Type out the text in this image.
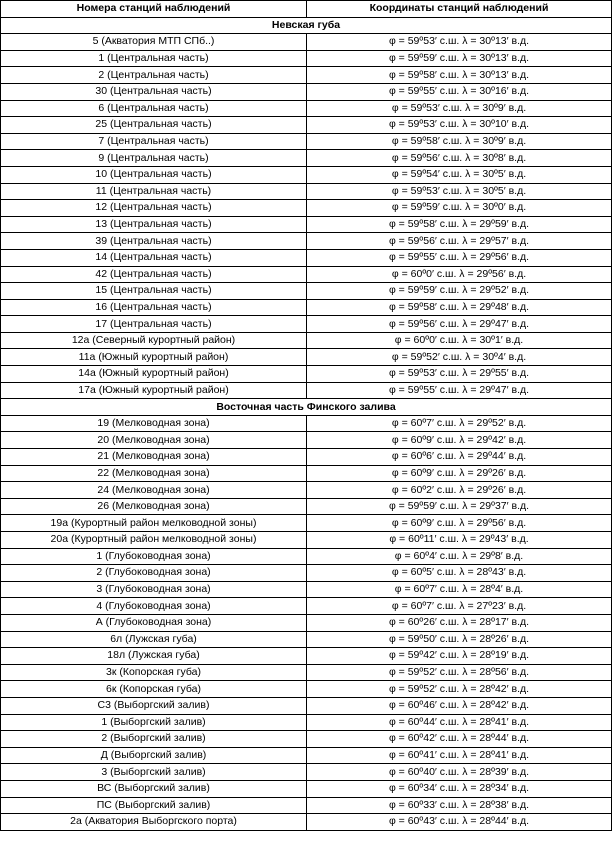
Номера станций наблюдений	Координаты станций наблюдений
Невская губа	
5 (Акватория МТП СПб..)	φ = 59º53′ с.ш. λ = 30º13′ в.д.
1 (Центральная часть)	φ = 59º59′ с.ш. λ = 30º13′ в.д.
2 (Центральная часть)	φ = 59º58′ с.ш. λ = 30º13′ в.д.
30 (Центральная часть)	φ = 59º55′ с.ш. λ = 30º16′ в.д.
6 (Центральная часть)	φ = 59º53′ с.ш. λ = 30º9′ в.д.
25 (Центральная часть)	φ = 59º53′ с.ш. λ = 30º10′ в.д.
7 (Центральная часть)	φ = 59º58′ с.ш. λ = 30º9′ в.д.
9 (Центральная часть)	φ = 59º56′ с.ш. λ = 30º8′ в.д.
10 (Центральная часть)	φ = 59º54′ с.ш. λ = 30º5′ в.д.
11 (Центральная часть)	φ = 59º53′ с.ш. λ = 30º5′ в.д.
12 (Центральная часть)	φ = 59º59′ с.ш. λ = 30º0′ в.д.
13 (Центральная часть)	φ = 59º58′ с.ш. λ = 29º59′ в.д.
39 (Центральная часть)	φ = 59º56′ с.ш. λ = 29º57′ в.д.
14 (Центральная часть)	φ = 59º55′ с.ш. λ = 29º56′ в.д.
42 (Центральная часть)	φ = 60º0′ с.ш. λ = 29º56′ в.д.
15 (Центральная часть)	φ = 59º59′ с.ш. λ = 29º52′ в.д.
16 (Центральная часть)	φ = 59º58′ с.ш. λ = 29º48′ в.д.
17 (Центральная часть)	φ = 59º56′ с.ш. λ = 29º47′ в.д.
12а (Северный курортный район)	φ = 60º0′ с.ш. λ = 30º1′ в.д.
11а (Южный курортный район)	φ = 59º52′ с.ш. λ = 30º4′ в.д.
14а (Южный курортный район)	φ = 59º53′ с.ш. λ = 29º55′ в.д.
17а (Южный курортный район)	φ = 59º55′ с.ш. λ = 29º47′ в.д.
Восточная часть Финского залива	
19 (Мелководная зона)	φ = 60º7′ с.ш. λ = 29º52′ в.д.
20 (Мелководная зона)	φ = 60º9′ с.ш. λ = 29º42′ в.д.
21 (Мелководная зона)	φ = 60º6′ с.ш. λ = 29º44′ в.д.
22 (Мелководная зона)	φ = 60º9′ с.ш. λ = 29º26′ в.д.
24 (Мелководная зона)	φ = 60º2′ с.ш. λ = 29º26′ в.д.
26 (Мелководная зона)	φ = 59º59′ с.ш. λ = 29º37′ в.д.
19а (Курортный район мелководной зоны)	φ = 60º9′ с.ш. λ = 29º56′ в.д.
20а (Курортный район мелководной зоны)	φ = 60º11′ с.ш. λ = 29º43′ в.д.
1 (Глубоководная зона)	φ = 60º4′ с.ш. λ = 29º8′ в.д.
2 (Глубоководная зона)	φ = 60º5′ с.ш. λ = 28º43′ в.д.
3 (Глубоководная зона)	φ = 60º7′ с.ш. λ = 28º4′ в.д.
4 (Глубоководная зона)	φ = 60º7′ с.ш. λ = 27º23′ в.д.
А (Глубоководная зона)	φ = 60º26′ с.ш. λ = 28º17′ в.д.
6л (Лужская губа)	φ = 59º50′ с.ш. λ = 28º26′ в.д.
18л (Лужская губа)	φ = 59º42′ с.ш. λ = 28º19′ в.д.
3к (Копорская губа)	φ = 59º52′ с.ш. λ = 28º56′ в.д.
6к (Копорская губа)	φ = 59º52′ с.ш. λ = 28º42′ в.д.
С3 (Выборгский залив)	φ = 60º46′ с.ш. λ = 28º42′ в.д.
1 (Выборгский залив)	φ = 60º44′ с.ш. λ = 28º41′ в.д.
2 (Выборгский залив)	φ = 60º42′ с.ш. λ = 28º44′ в.д.
Д (Выборгский залив)	φ = 60º41′ с.ш. λ = 28º41′ в.д.
3 (Выборгский залив)	φ = 60º40′ с.ш. λ = 28º39′ в.д.
ВС (Выборгский залив)	φ = 60º34′ с.ш. λ = 28º34′ в.д.
ПС (Выборгский залив)	φ = 60º33′ с.ш. λ = 28º38′ в.д.
2а (Акватория Выборгского порта)	φ = 60º43′ с.ш. λ = 28º44′ в.д.
